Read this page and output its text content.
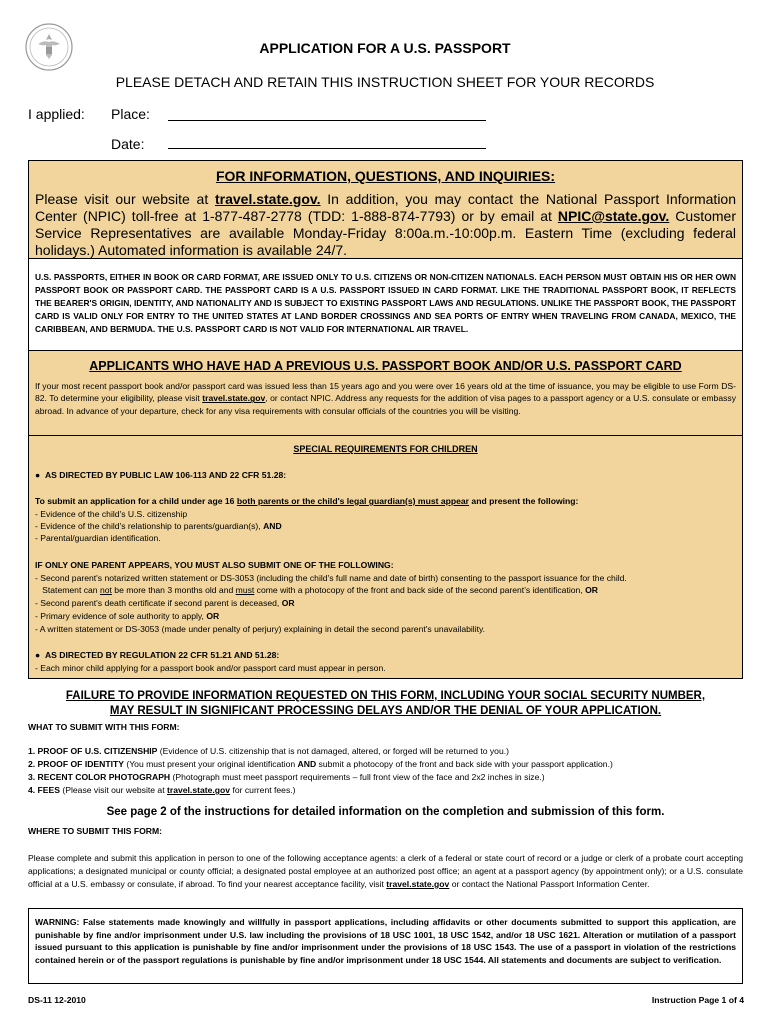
APPLICATION FOR A U.S. PASSPORT
PLEASE DETACH AND RETAIN THIS INSTRUCTION SHEET FOR YOUR RECORDS
I applied: Place:
Date:
FOR INFORMATION, QUESTIONS, AND INQUIRIES:
Please visit our website at travel.state.gov. In addition, you may contact the National Passport Information Center (NPIC) toll-free at 1-877-487-2778 (TDD: 1-888-874-7793) or by email at NPIC@state.gov. Customer Service Representatives are available Monday-Friday 8:00a.m.-10:00p.m. Eastern Time (excluding federal holidays.) Automated information is available 24/7.

U.S. PASSPORTS, EITHER IN BOOK OR CARD FORMAT, ARE ISSUED ONLY TO U.S. CITIZENS OR NON-CITIZEN NATIONALS. EACH PERSON MUST OBTAIN HIS OR HER OWN PASSPORT BOOK OR PASSPORT CARD. THE PASSPORT CARD IS A U.S. PASSPORT ISSUED IN CARD FORMAT. LIKE THE TRADITIONAL PASSPORT BOOK, IT REFLECTS THE BEARER'S ORIGIN, IDENTITY, AND NATIONALITY AND IS SUBJECT TO EXISTING PASSPORT LAWS AND REGULATIONS. UNLIKE THE PASSPORT BOOK, THE PASSPORT CARD IS VALID ONLY FOR ENTRY TO THE UNITED STATES AT LAND BORDER CROSSINGS AND SEA PORTS OF ENTRY WHEN TRAVELING FROM CANADA, MEXICO, THE CARIBBEAN, AND BERMUDA. THE U.S. PASSPORT CARD IS NOT VALID FOR INTERNATIONAL AIR TRAVEL.

APPLICANTS WHO HAVE HAD A PREVIOUS U.S. PASSPORT BOOK AND/OR U.S. PASSPORT CARD
If your most recent passport book and/or passport card was issued less than 15 years ago and you were over 16 years old at the time of issuance, you may be eligible to use Form DS-82. To determine your eligibility, please visit travel.state.gov, or contact NPIC. Address any requests for the addition of visa pages to a passport agency or a U.S. consulate or embassy abroad. In advance of your departure, check for any visa requirements with consular officials of the countries you will be visiting.
SPECIAL REQUIREMENTS FOR CHILDREN
●  AS DIRECTED BY PUBLIC LAW 106-113 AND 22 CFR 51.28:
To submit an application for a child under age 16 both parents or the child's legal guardian(s) must appear and present the following:
- Evidence of the child's U.S. citizenship
- Evidence of the child's relationship to parents/guardian(s), AND
- Parental/guardian identification.
IF ONLY ONE PARENT APPEARS, YOU MUST ALSO SUBMIT ONE OF THE FOLLOWING:
- Second parent's notarized written statement or DS-3053 (including the child's full name and date of birth) consenting to the passport issuance for the child.
Statement can not be more than 3 months old and must come with a photocopy of the front and back side of the second parent's identification, OR
- Second parent's death certificate if second parent is deceased, OR
- Primary evidence of sole authority to apply, OR
- A written statement or DS-3053 (made under penalty of perjury) explaining in detail the second parent's unavailability.
●  AS DIRECTED BY REGULATION 22 CFR 51.21 AND 51.28:
- Each minor child applying for a passport book and/or passport card must appear in person.
FAILURE TO PROVIDE INFORMATION REQUESTED ON THIS FORM, INCLUDING YOUR SOCIAL SECURITY NUMBER,
MAY RESULT IN SIGNIFICANT PROCESSING DELAYS AND/OR THE DENIAL OF YOUR APPLICATION.
WHAT TO SUBMIT WITH THIS FORM:
1. PROOF OF U.S. CITIZENSHIP (Evidence of U.S. citizenship that is not damaged, altered, or forged will be returned to you.)
2. PROOF OF IDENTITY (You must present your original identification AND submit a photocopy of the front and back side with your passport application.)
3. RECENT COLOR PHOTOGRAPH (Photograph must meet passport requirements – full front view of the face and 2x2 inches in size.)
4. FEES (Please visit our website at travel.state.gov for current fees.)
See page 2 of the instructions for detailed information on the completion and submission of this form.
WHERE TO SUBMIT THIS FORM:
Please complete and submit this application in person to one of the following acceptance agents: a clerk of a federal or state court of record or a judge or clerk of a probate court accepting applications; a designated municipal or county official; a designated postal employee at an authorized post office; an agent at a passport agency (by appointment only); or a U.S. consulate official at a U.S. embassy or consulate, if abroad. To find your nearest acceptance facility, visit travel.state.gov or contact the National Passport Information Center.

WARNING: False statements made knowingly and willfully in passport applications, including affidavits or other documents submitted to support this application, are punishable by fine and/or imprisonment under U.S. law including the provisions of 18 USC 1001, 18 USC 1542, and/or 18 USC 1621. Alteration or mutilation of a passport issued pursuant to this application is punishable by fine and/or imprisonment under the provisions of 18 USC 1543. The use of a passport in violation of the restrictions contained herein or of the passport regulations is punishable by fine and/or imprisonment under 18 USC 1544. All statements and documents are subject to verification.

DS-11 12-2010	Instruction Page 1 of 4
